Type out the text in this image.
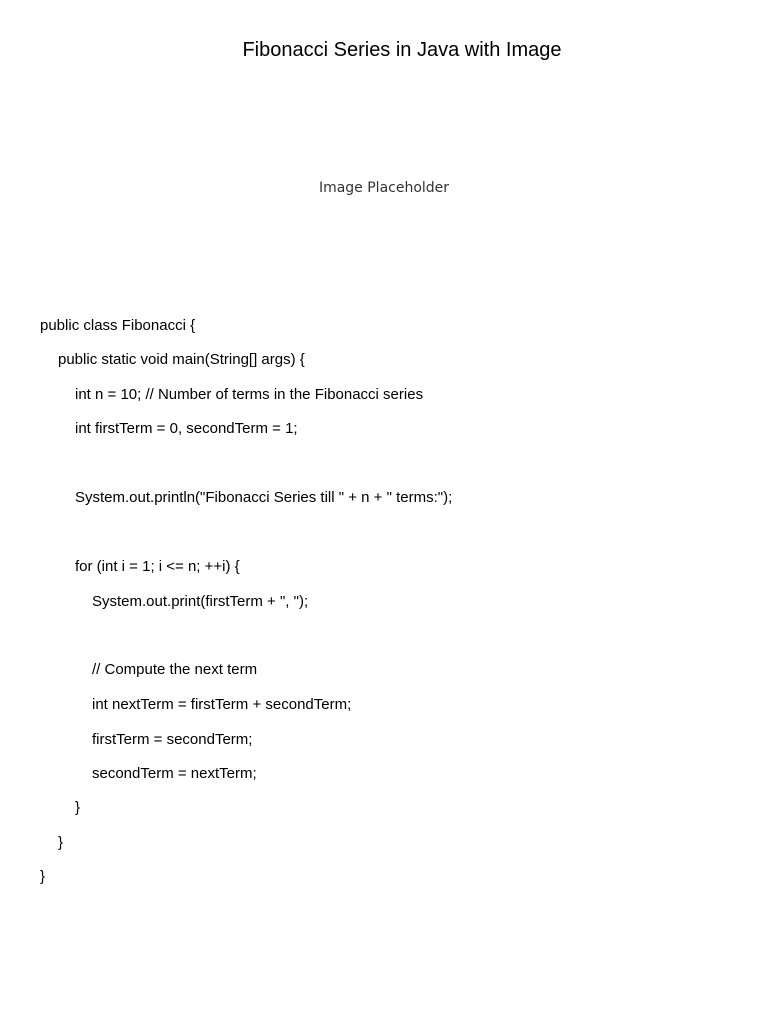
Fibonacci Series in Java with Image
Image Placeholder
public class Fibonacci {
public static void main(String[] args) {
int n = 10; // Number of terms in the Fibonacci series
int firstTerm = 0, secondTerm = 1;
System.out.println("Fibonacci Series till " + n + " terms:");
for (int i = 1; i <= n; ++i) {
System.out.print(firstTerm + ", ");
// Compute the next term
int nextTerm = firstTerm + secondTerm;
firstTerm = secondTerm;
secondTerm = nextTerm;
}
}
}
